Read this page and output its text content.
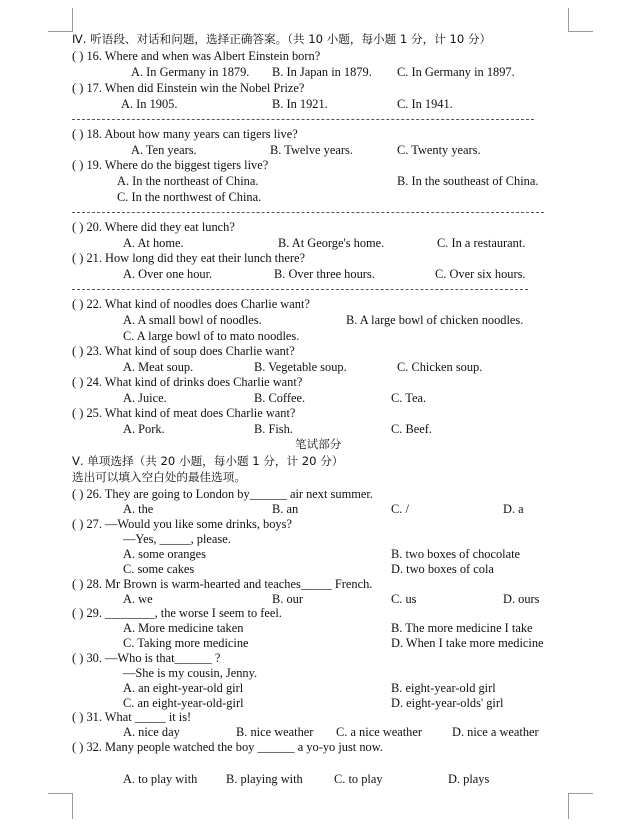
Ⅳ. 听语段、对话和问题，选择正确答案。（共 10 小题，每小题 1 分，计 10 分）
( ) 16. Where and when was Albert Einstein born?
A. In Germany in 1879. B. In Japan in 1879. C. In Germany in 1897.
( ) 17. When did Einstein win the Nobel Prize?
A. In 1905.	B. In 1921.	C. In 1941.
( ) 18. About how many years can tigers live?
A. Ten years.	B. Twelve years.	C. Twenty years.
( ) 19. Where do the biggest tigers live?
A. In the northeast of China.	B. In the southeast of China.
C. In the northwest of China.
( ) 20. Where did they eat lunch?
A. At home.	B. At George's home.	C. In a restaurant.
( ) 21. How long did they eat their lunch there?
A. Over one hour.	B. Over three hours.	C. Over six hours.
( ) 22. What kind of noodles does Charlie want?
A. A small bowl of noodles.	B. A large bowl of chicken noodles.
C. A large bowl of to mato noodles.
( ) 23. What kind of soup does Charlie want?
A. Meat soup.	B. Vegetable soup.	C. Chicken soup.
( ) 24. What kind of drinks does Charlie want?
A. Juice.	B. Coffee.	C. Tea.
( ) 25. What kind of meat does Charlie want?
A. Pork.	B. Fish.	C. Beef.
笔试部分
Ⅴ. 单项选择（共 20 小题，每小题 1 分，计 20 分）
选出可以填入空白处的最佳选项。
( ) 26. They are going to London by______ air next summer.
A. the	B. an	C. /	D. a
( ) 27. —Would you like some drinks, boys?
—Yes, _____, please.
A. some oranges	B. two boxes of chocolate
C. some cakes	D. two boxes of cola
( ) 28. Mr Brown is warm-hearted and teaches_____ French.
A. we	B. our	C. us	D. ours
( ) 29. ________, the worse I seem to feel.
A. More medicine taken	B. The more medicine I take
C. Taking more medicine	D. When I take more medicine
( ) 30. —Who is that______ ?
—She is my cousin, Jenny.
A. an eight-year-old girl	B. eight-year-old girl
C. an eight-year-old-girl	D. eight-year-olds' girl
( ) 31. What _____ it is!
A. nice day	B. nice weather C. a nice weather D. nice a weather
( ) 32. Many people watched the boy ______ a yo-yo just now.
A. to play with B. playing with	C. to play	D. plays
